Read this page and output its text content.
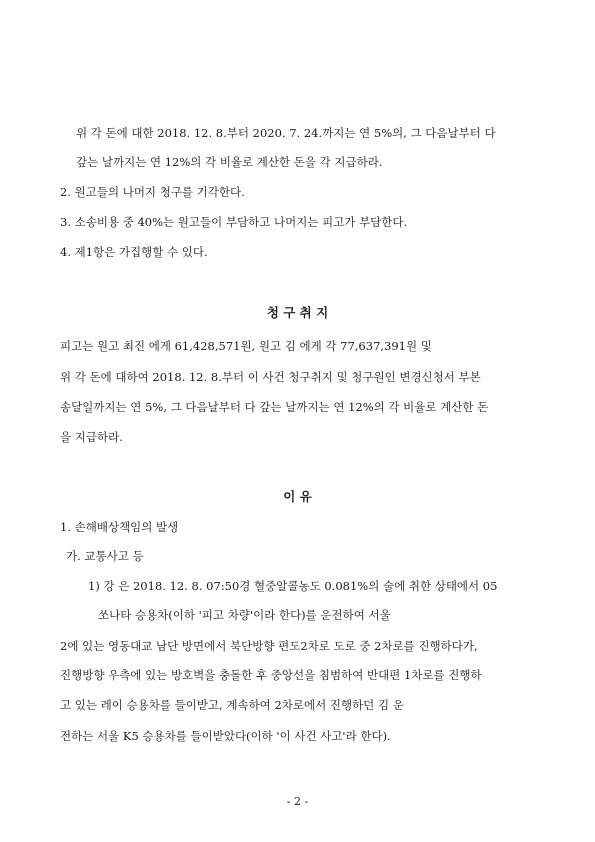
위 각 돈에 대한 2018. 12. 8.부터 2020. 7. 24.까지는 연 5%의, 그 다음날부터 다
갚는 날까지는 연 12%의 각 비율로 계산한 돈을 각 지급하라.
2. 원고들의 나머지 청구를 기각한다.
3. 소송비용 중 40%는 원고들이 부담하고 나머지는 피고가 부담한다.
4. 제1항은 가집행할 수 있다.
청 구 취 지
피고는 원고 최진 에게 61,428,571원, 원고 김 에게 각 77,637,391원 및
위 각 돈에 대하여 2018. 12. 8.부터 이 사건 청구취지 및 청구원인 변경신청서 부본
송달일까지는 연 5%, 그 다음날부터 다 갚는 날까지는 연 12%의 각 비율로 계산한 돈
을 지급하라.
이 유
1. 손해배상책임의 발생
가. 교통사고 등
1) 강 은 2018. 12. 8. 07:50경 혈중알콜농도 0.081%의 술에 취한 상태에서 05
쏘나타 승용차(이하 '피고 차량'이라 한다)를 운전하여 서울
2에 있는 영동대교 남단 방면에서 북단방향 편도2차로 도로 중 2차로를 진행하다가,
진행방향 우측에 있는 방호벽을 충돌한 후 중앙선을 침범하여 반대편 1차로를 진행하
고 있는 레이 승용차를 들이받고, 계속하여 2차로에서 진행하던 김 운
전하는 서울 K5 승용차를 들이받았다(이하 '이 사건 사고'라 한다).
- 2 -
